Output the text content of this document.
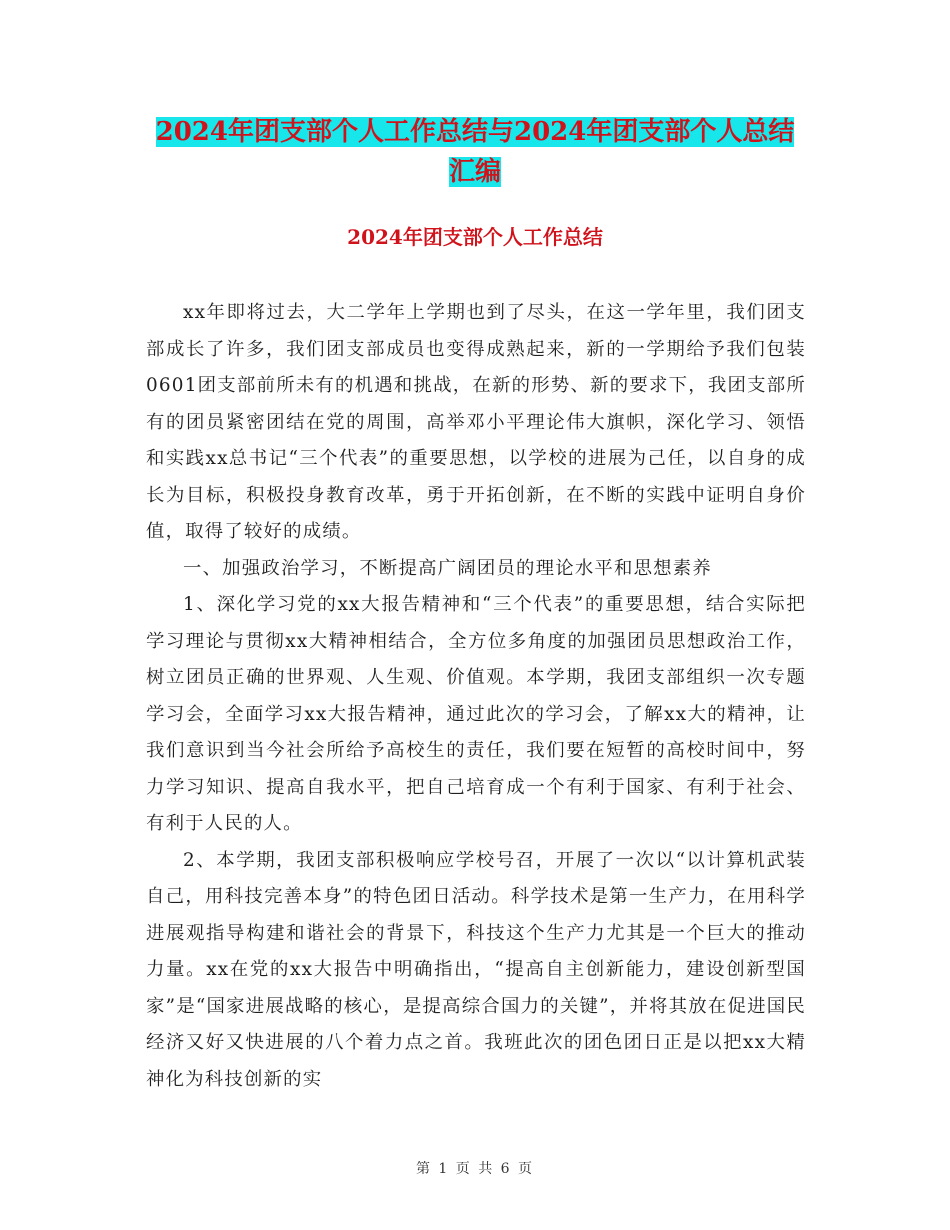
2024年团支部个人工作总结与2024年团支部个人总结
汇编
2024年团支部个人工作总结

xx年即将过去，大二学年上学期也到了尽头，在这一学年里，我们团支部成长了许多，我们团支部成员也变得成熟起来，新的一学期给予我们包装0601团支部前所未有的机遇和挑战，在新的形势、新的要求下，我团支部所有的团员紧密团结在党的周围，高举邓小平理论伟大旗帜，深化学习、领悟和实践xx总书记“三个代表”的重要思想，以学校的进展为己任，以自身的成长为目标，积极投身教育改革，勇于开拓创新，在不断的实践中证明自身价值，取得了较好的成绩。

一、加强政治学习，不断提高广阔团员的理论水平和思想素养

1、深化学习党的xx大报告精神和“三个代表”的重要思想，结合实际把学习理论与贯彻xx大精神相结合，全方位多角度的加强团员思想政治工作，树立团员正确的世界观、人生观、价值观。本学期，我团支部组织一次专题学习会，全面学习xx大报告精神，通过此次的学习会，了解xx大的精神，让我们意识到当今社会所给予高校生的责任，我们要在短暂的高校时间中，努力学习知识、提高自我水平，把自己培育成一个有利于国家、有利于社会、有利于人民的人。

2、本学期，我团支部积极响应学校号召，开展了一次以“以计算机武装自己，用科技完善本身”的特色团日活动。科学技术是第一生产力，在用科学进展观指导构建和谐社会的背景下，科技这个生产力尤其是一个巨大的推动力量。xx在党的xx大报告中明确指出，“提高自主创新能力，建设创新型国家”是“国家进展战略的核心，是提高综合国力的关键”，并将其放在促进国民经济又好又快进展的八个着力点之首。我班此次的团色团日正是以把xx大精神化为科技创新的实

第 1 页 共 6 页
